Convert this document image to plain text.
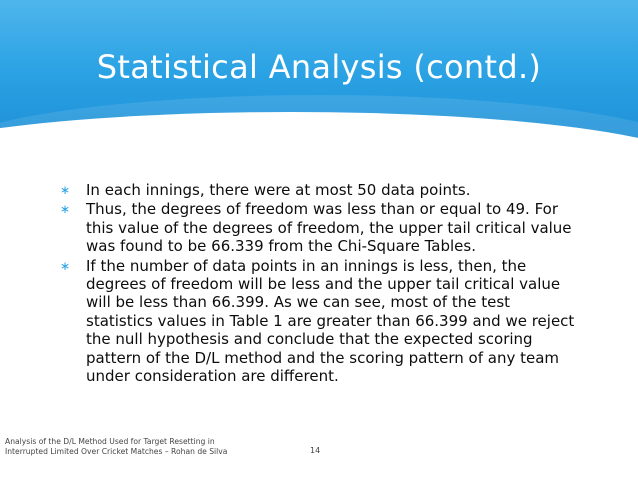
Statistical Analysis (contd.)
∗ In each innings, there were at most 50 data points.
∗ Thus, the degrees of freedom was less than or equal to 49. For this value of the degrees of freedom, the upper tail critical value was found to be 66.339 from the Chi-Square Tables.
∗ If the number of data points in an innings is less, then, the degrees of freedom will be less and the upper tail critical value will be less than 66.399. As we can see, most of the test statistics values in Table 1 are greater than 66.399 and we reject the null hypothesis and conclude that the expected scoring pattern of the D/L method and the scoring pattern of any team under consideration are different.
Analysis of the D/L Method Used for Target Resetting in
Interrupted Limited Over Cricket Matches – Rohan de Silva	14
